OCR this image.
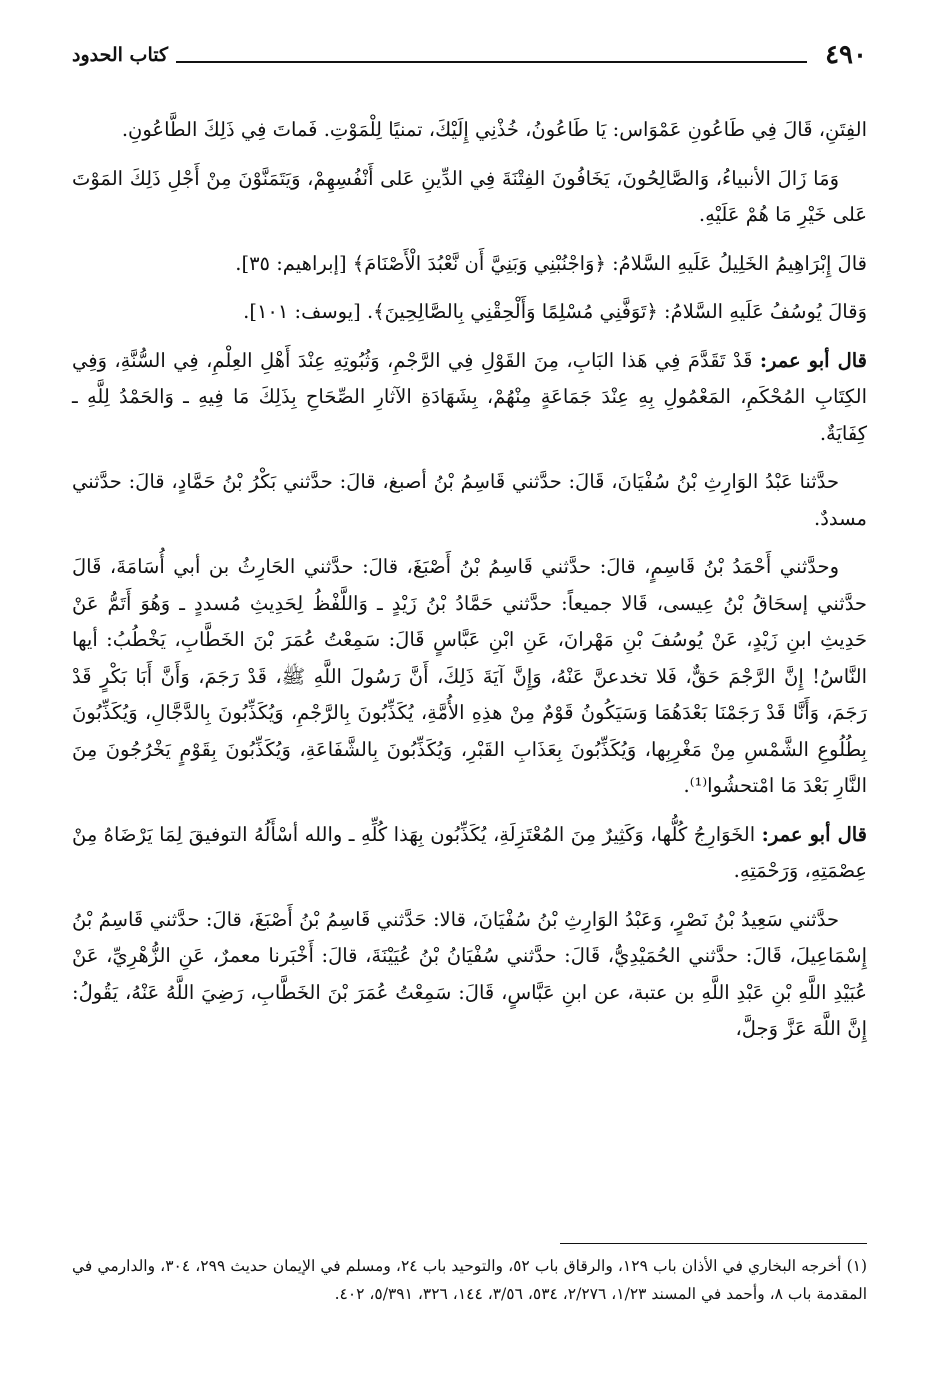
٤٩٠
كتاب الحدود

الفِتَنِ، قَالَ فِي طَاعُونِ عَمْوَاس: يَا طَاعُونُ، خُذْنِي إِلَيْكَ، تمنيًا لِلْمَوْتِ. فَماتَ فِي ذَلِكَ الطَّاعُونِ.

وَمَا زَالَ الأنبياءُ، وَالصَّالِحُونَ، يَخَافُونَ الفِتْنَةَ فِي الدِّينِ عَلى أَنْفُسِهِمْ، وَيَتَمَنَّوْنَ مِنْ أَجْلِ ذَلِكَ المَوْتَ عَلى خَيْرِ مَا هُمْ عَلَيْهِ.

قالَ إِبْرَاهِيمُ الخَلِيلُ عَلَيهِ السَّلامُ: ﴿وَاجْنُبْنِي وَبَنِيَّ أَن نَّعْبُدَ الْأَصْنَامَ﴾ [إبراهيم: ٣٥].

وَقالَ يُوسُفُ عَلَيهِ السَّلامُ: ﴿تَوَفَّنِي مُسْلِمًا وَأَلْحِقْنِي بِالصَّالِحِينَ﴾. [يوسف: ١٠١].

قال أبو عمر: قَدْ تَقَدَّمَ فِي هَذا البَابِ، مِنَ القَوْلِ فِي الرَّجْمِ، وَثُبُوتِهِ عِنْدَ أَهْلِ العِلْمِ، فِي السُّنَّةِ، وَفِي الكِتَابِ المُحْكَمِ، المَعْمُولِ بِهِ عِنْدَ جَمَاعَةٍ مِنْهُمْ، بِشَهَادَةِ الآثارِ الصِّحَاحِ بِذَلِكَ مَا فِيهِ ـ وَالحَمْدُ لِلَّهِ ـ كِفَايَةٌ.

حدَّثنا عَبْدُ الوَارِثِ بْنُ سُفْيَانَ، قَالَ: حدَّثني قَاسِمُ بْنُ أصبغ، قالَ: حدَّثني بَكْرُ بْنُ حَمَّادٍ، قالَ: حدَّثني مسددٌ.

وحدَّثني أَحْمَدُ بْنُ قَاسِمٍ، قالَ: حدَّثني قَاسِمُ بْنُ أَصْبَغَ، قالَ: حدَّثني الحَارِثُ بن أبي أُسَامَةَ، قَالَ حدَّثني إسحَاقُ بْنُ عِيسى، قَالا جميعاً: حدَّثني حَمَّادُ بْنُ زَيْدٍ ـ وَاللَّفْظُ لِحَدِيثِ مُسددٍ ـ وَهُوَ أَتَمُّ عَنْ حَدِيثِ ابنِ زَيْدٍ، عَنْ يُوسُفَ بْنِ مَهْرانَ، عَنِ ابْنِ عَبَّاسٍ قَالَ: سَمِعْتُ عُمَرَ بْنَ الخَطَّابِ، يَخْطُبُ: أيها النَّاسُ! إِنَّ الرَّجْمَ حَقٌّ، فَلا تخدعنَّ عَنْهُ، وَإِنَّ آيَةَ ذَلِكَ، أَنَّ رَسُولَ اللَّهِ ﷺ، قَدْ رَجَمَ، وَأَنَّ أَبَا بَكْرٍ قَدْ رَجَمَ، وَأَنَّا قَدْ رَجَمْنَا بَعْدَهُمَا وَسَيَكُونُ قَوْمٌ مِنْ هذِهِ الأُمَّةِ، يُكَذِّبُونَ بِالرَّجْمِ، وَيُكَذِّبُونَ بِالدَّجَّالِ، وَيُكَذِّبُونَ بِطُلُوعِ الشَّمْسِ مِنْ مَغْرِبِها، وَيُكَذِّبُونَ بِعَذَابِ القَبْرِ، وَيُكَذِّبُونَ بِالشَّفَاعَةِ، وَيُكَذِّبُونَ بِقَوْمٍ يَخْرُجُونَ مِنَ النَّارِ بَعْدَ مَا امْتحشُوا⁽¹⁾.

قال أبو عمر: الخَوَارِجُ كُلُّها، وَكَثِيرٌ مِنَ المُعْتَزِلَةِ، يُكَذِّبُون بِهَذا كُلِّهِ ـ والله أسْأَلُهُ التوفيقَ لِمَا يَرْضَاهُ مِنْ عِصْمَتِهِ، وَرَحْمَتِهِ.

حدَّثني سَعِيدُ بْنُ نَصْرٍ، وَعَبْدُ الوَارِثِ بْنُ سُفْيَانَ، قالا: حَدَّثني قَاسِمُ بْنُ أَصْبَغَ، قالَ: حدَّثني قَاسِمُ بْنُ إِسْمَاعِيلَ، قَالَ: حدَّثني الحُمَيْدِيُّ، قَالَ: حدَّثني سُفْيَانُ بْنُ عُيَيْنَةَ، قالَ: أَخْبَرنا معمرٌ، عَنِ الزُّهْرِيِّ، عَنْ عُبَيْدِ اللَّهِ بْنِ عَبْدِ اللَّهِ بن عتبة، عن ابنِ عَبَّاسٍ، قَالَ: سَمِعْتُ عُمَرَ بْنَ الخَطَّابِ، رَضِيَ اللَّهُ عَنْهُ، يَقُولُ: إِنَّ اللَّهَ عَزَّ وَجلَّ،

(١) أخرجه البخاري في الأذان باب ١٢٩، والرقاق باب ٥٢، والتوحيد باب ٢٤، ومسلم في الإيمان حديث ٢٩٩، ٣٠٤، والدارمي في المقدمة باب ٨، وأحمد في المسند ١/٢٣، ٢/٢٧٦، ٥٣٤، ٣/٥٦، ١٤٤، ٣٢٦، ٥/٣٩١، ٤٠٢.
